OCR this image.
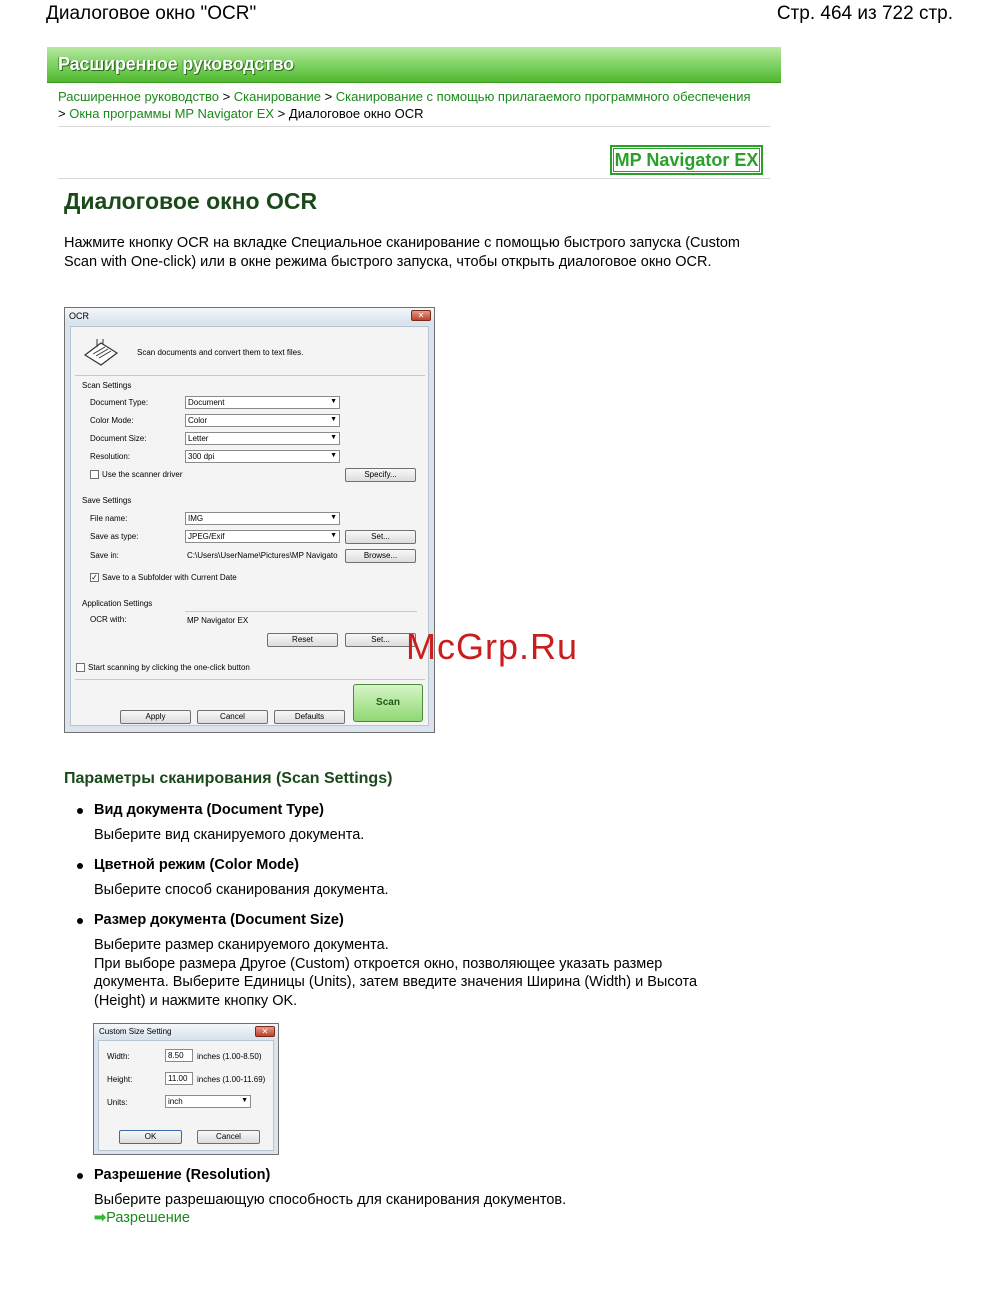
Диалоговое окно "OCR"	Стр. 464 из 722 стр.
Расширенное руководство
Расширенное руководство > Сканирование > Сканирование с помощью прилагаемого программного обеспечения > Окна программы MP Navigator EX > Диалоговое окно OCR
MP Navigator EX
Диалоговое окно OCR
Нажмите кнопку OCR на вкладке Специальное сканирование с помощью быстрого запуска (Custom Scan with One-click) или в окне режима быстрого запуска, чтобы открыть диалоговое окно OCR.
OCR	✕
Scan documents and convert them to text files.
Scan Settings
Document Type:	Document	▼
Color Mode:	Color	▼
Document Size:	Letter	▼
Resolution:	300 dpi	▼
Use the scanner driver	Specify...
Save Settings
File name:	IMG	▼
Save as type:	JPEG/Exif	▼	Set...
Save in:	C:\Users\UserName\Pictures\MP Navigato	Browse...
✓ Save to a Subfolder with Current Date
Application Settings
OCR with:	MP Navigator EX
Reset	Set...
Start scanning by clicking the one-click button
Scan
Apply	Cancel	Defaults
McGrp.Ru
Параметры сканирования (Scan Settings)
Вид документа (Document Type)
Выберите вид сканируемого документа.
Цветной режим (Color Mode)
Выберите способ сканирования документа.
Размер документа (Document Size)
Выберите размер сканируемого документа.
При выборе размера Другое (Custom) откроется окно, позволяющее указать размер документа. Выберите Единицы (Units), затем введите значения Ширина (Width) и Высота (Height) и нажмите кнопку OK.
Custom Size Setting	✕
Width:	8.50	inches (1.00-8.50)
Height:	11.00	inches (1.00-11.69)
Units:	inch	▼
OK	Cancel
Разрешение (Resolution)
Выберите разрешающую способность для сканирования документов.
➡Разрешение
